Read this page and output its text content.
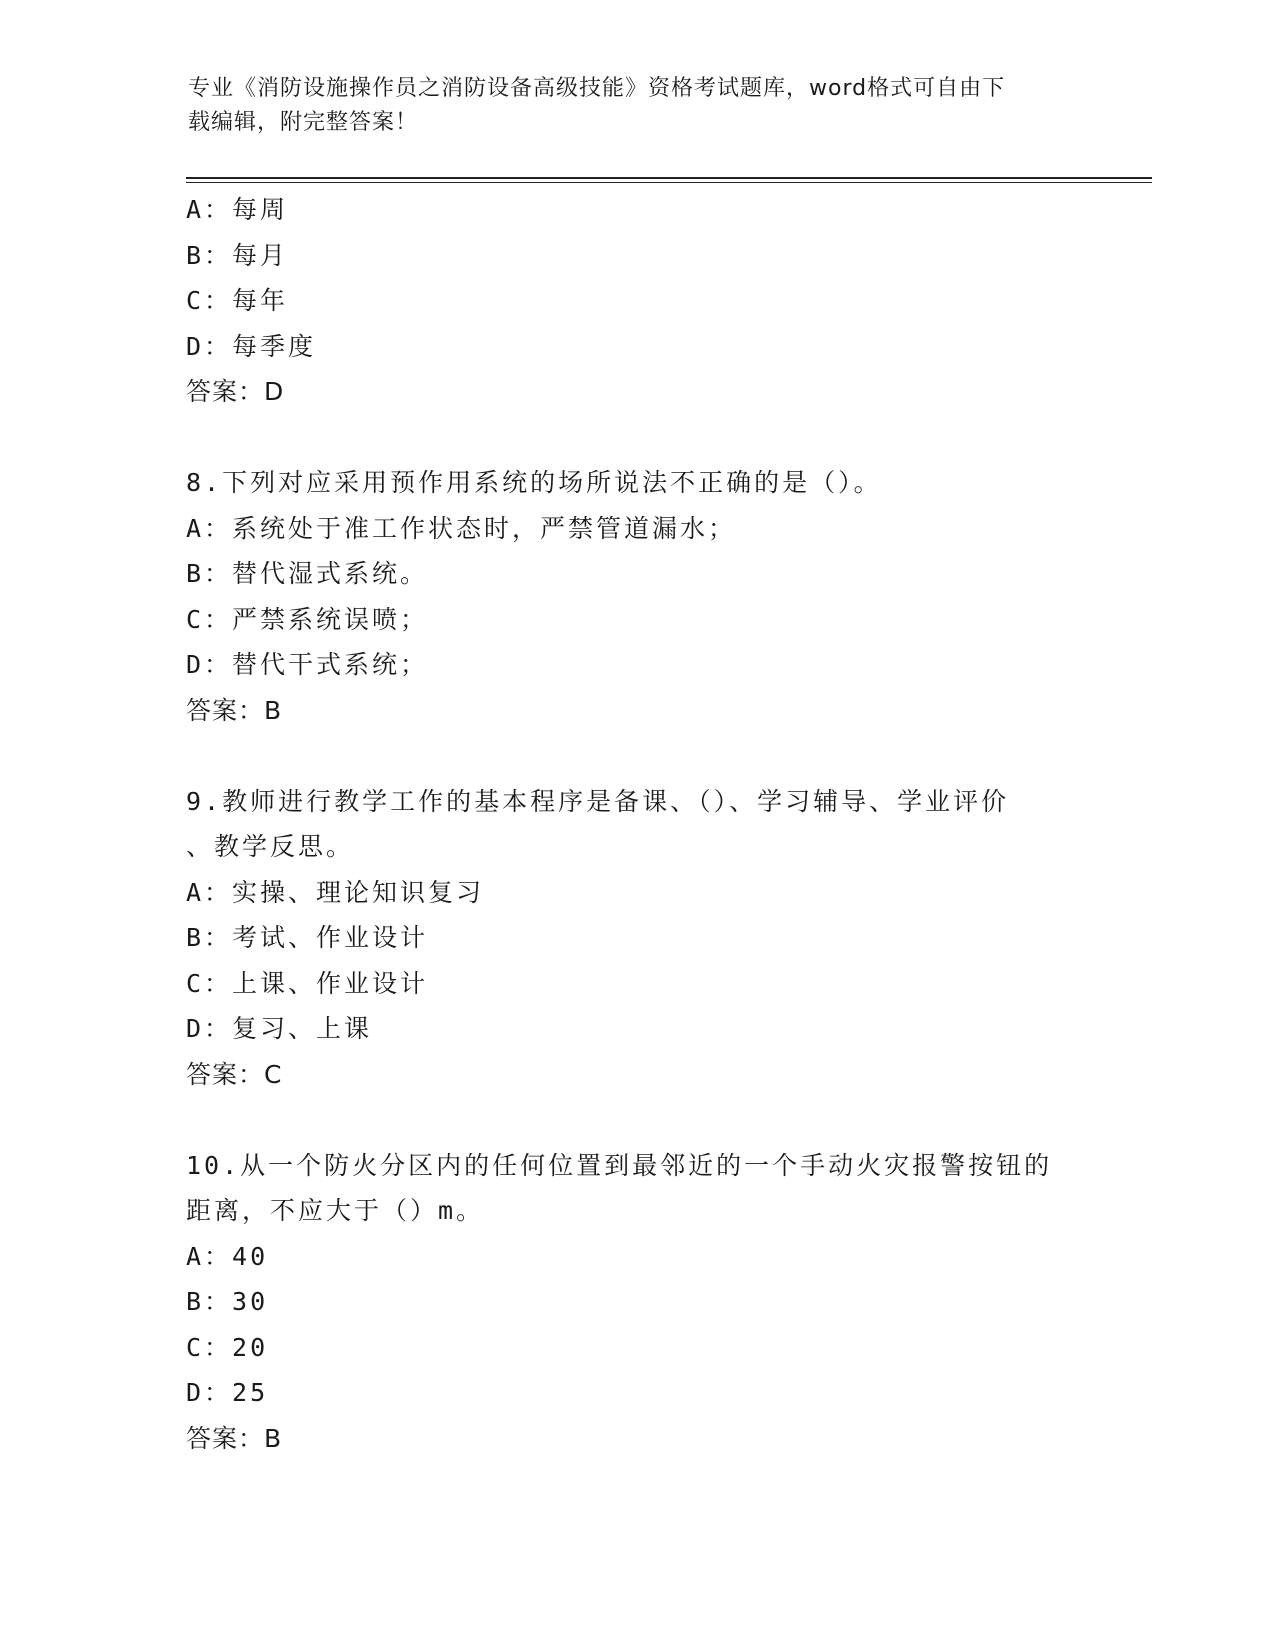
专业《消防设施操作员之消防设备高级技能》资格考试题库，word格式可自由下
载编辑，附完整答案！
A：每周
B：每月
C：每年
D：每季度
答案：D
8.下列对应采用预作用系统的场所说法不正确的是（）。
A：系统处于准工作状态时，严禁管道漏水；
B：替代湿式系统。
C：严禁系统误喷；
D：替代干式系统；
答案：B
9.教师进行教学工作的基本程序是备课、（）、学习辅导、学业评价
、教学反思。
A：实操、理论知识复习
B：考试、作业设计
C：上课、作业设计
D：复习、上课
答案：C
10.从一个防火分区内的任何位置到最邻近的一个手动火灾报警按钮的
距离，不应大于（）m。
A：40
B：30
C：20
D：25
答案：B
